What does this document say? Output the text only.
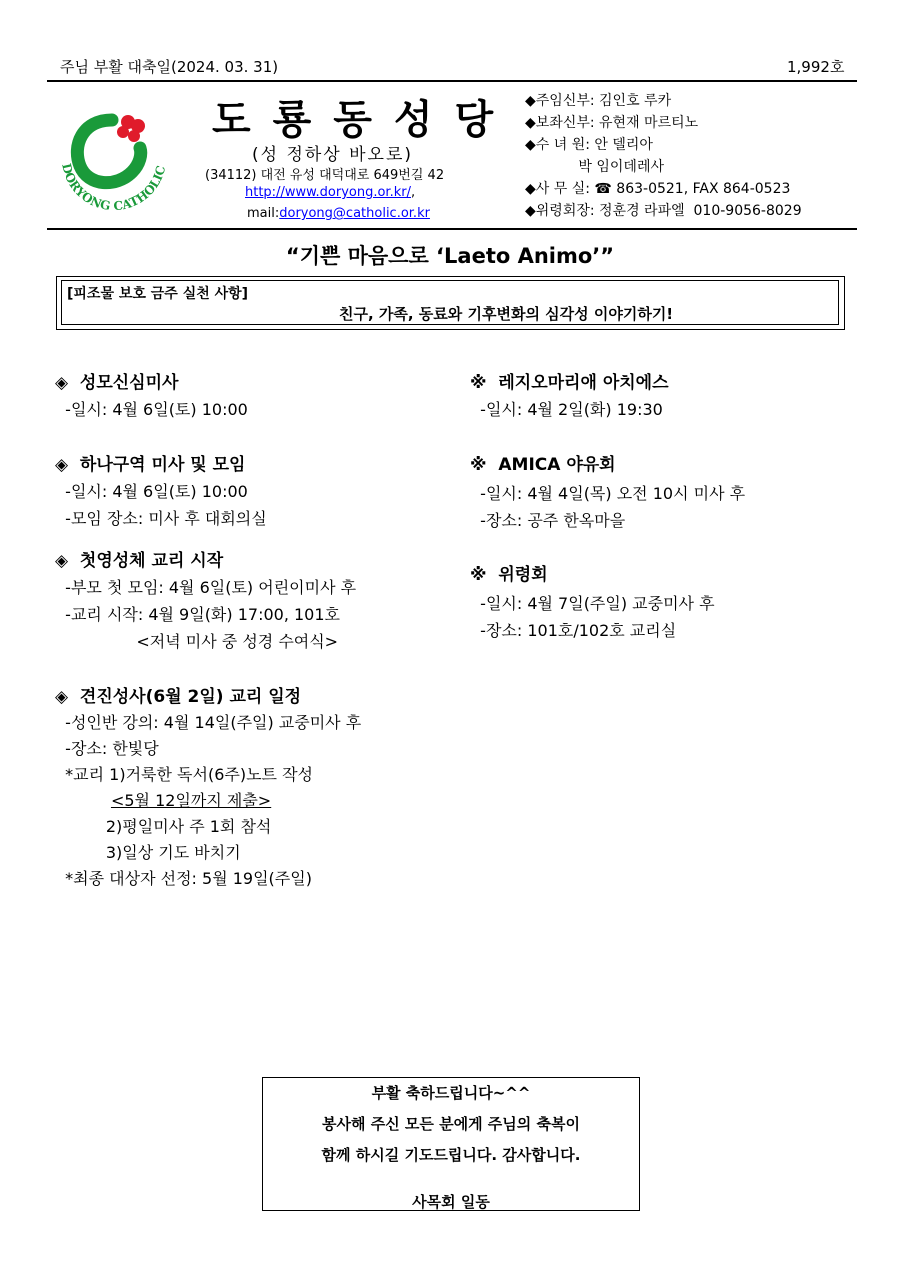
주님 부활 대축일(2024. 03. 31)	1,992호
DORYONG CATHOLIC
도룡동성당
(성 정하상 바오로)
(34112) 대전 유성 대덕대로 649번길 42
http://www.doryong.or.kr/,
mail:doryong@catholic.or.kr
◆주임신부: 김인호 루카
◆보좌신부: 유현재 마르티노
◆수 녀 원: 안 델리아
박 임이데레사
◆사 무 실: ☎ 863-0521, FAX 864-0523
◆위령회장: 정훈경 라파엘  010-9056-8029
“기쁜 마음으로 ‘Laeto Animo’”
[피조물 보호 금주 실천 사항]
친구, 가족, 동료와 기후변화의 심각성 이야기하기!
◈  성모신심미사
-일시: 4월 6일(토) 10:00
◈  하나구역 미사 및 모임
-일시: 4월 6일(토) 10:00
-모임 장소: 미사 후 대회의실
◈  첫영성체 교리 시작
-부모 첫 모임: 4월 6일(토) 어린이미사 후
-교리 시작: 4월 9일(화) 17:00, 101호
<저녁 미사 중 성경 수여식>
◈  견진성사(6월 2일) 교리 일정
-성인반 강의: 4월 14일(주일) 교중미사 후
-장소: 한빛당
*교리 1)거룩한 독서(6주)노트 작성
<5월 12일까지 제출>
2)평일미사 주 1회 참석
3)일상 기도 바치기
*최종 대상자 선정: 5월 19일(주일)
※  레지오마리애 아치에스
-일시: 4월 2일(화) 19:30
※  AMICA 야유회
-일시: 4월 4일(목) 오전 10시 미사 후
-장소: 공주 한옥마을
※  위령회
-일시: 4월 7일(주일) 교중미사 후
-장소: 101호/102호 교리실
부활 축하드립니다~^^
봉사해 주신 모든 분에게 주님의 축복이
함께 하시길 기도드립니다. 감사합니다.
사목회 일동
